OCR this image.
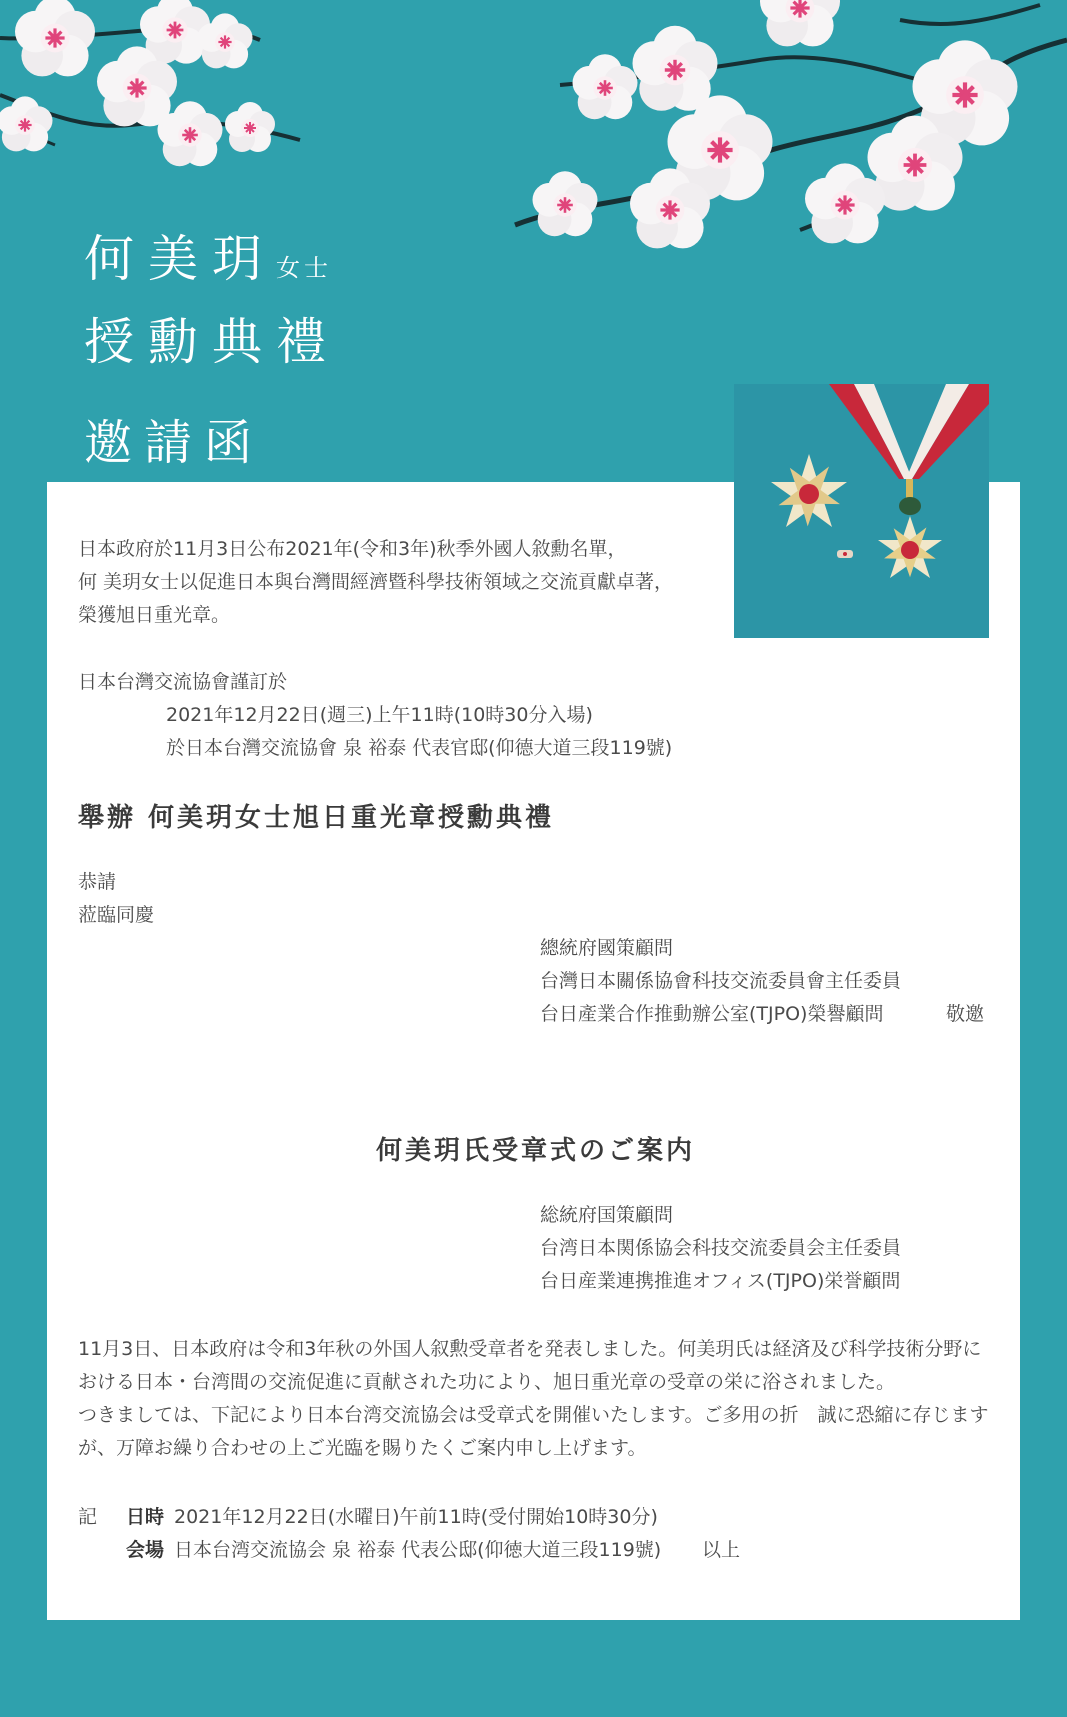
何美玥女士
授勳典禮
邀請函
日本政府於11月3日公布2021年(令和3年)秋季外國人敘勳名單，
何 美玥女士以促進日本與台灣間經濟暨科學技術領域之交流貢獻卓著，
榮獲旭日重光章。
日本台灣交流協會謹訂於
2021年12月22日(週三)上午11時(10時30分入場)
於日本台灣交流協會 泉 裕泰 代表官邸(仰德大道三段119號)
舉辦 何美玥女士旭日重光章授勳典禮
恭請
蒞臨同慶
總統府國策顧問
台灣日本關係協會科技交流委員會主任委員
台日產業合作推動辦公室(TJPO)榮譽顧問	敬邀
何美玥氏受章式のご案内
総統府国策顧問
台湾日本関係協会科技交流委員会主任委員
台日産業連携推進オフィス(TJPO)栄誉顧問
11月3日、日本政府は令和3年秋の外国人叙勲受章者を発表しました。何美玥氏は経済及び科学技術分野に
おける日本・台湾間の交流促進に貢献された功により、旭日重光章の受章の栄に浴されました。
つきましては、下記により日本台湾交流協会は受章式を開催いたします。ご多用の折　誠に恐縮に存じます
が、万障お繰り合わせの上ご光臨を賜りたくご案内申し上げます。
記 日時 2021年12月22日(水曜日)午前11時(受付開始10時30分)
会場 日本台湾交流協会 泉 裕泰 代表公邸(仰徳大道三段119號) 以上
